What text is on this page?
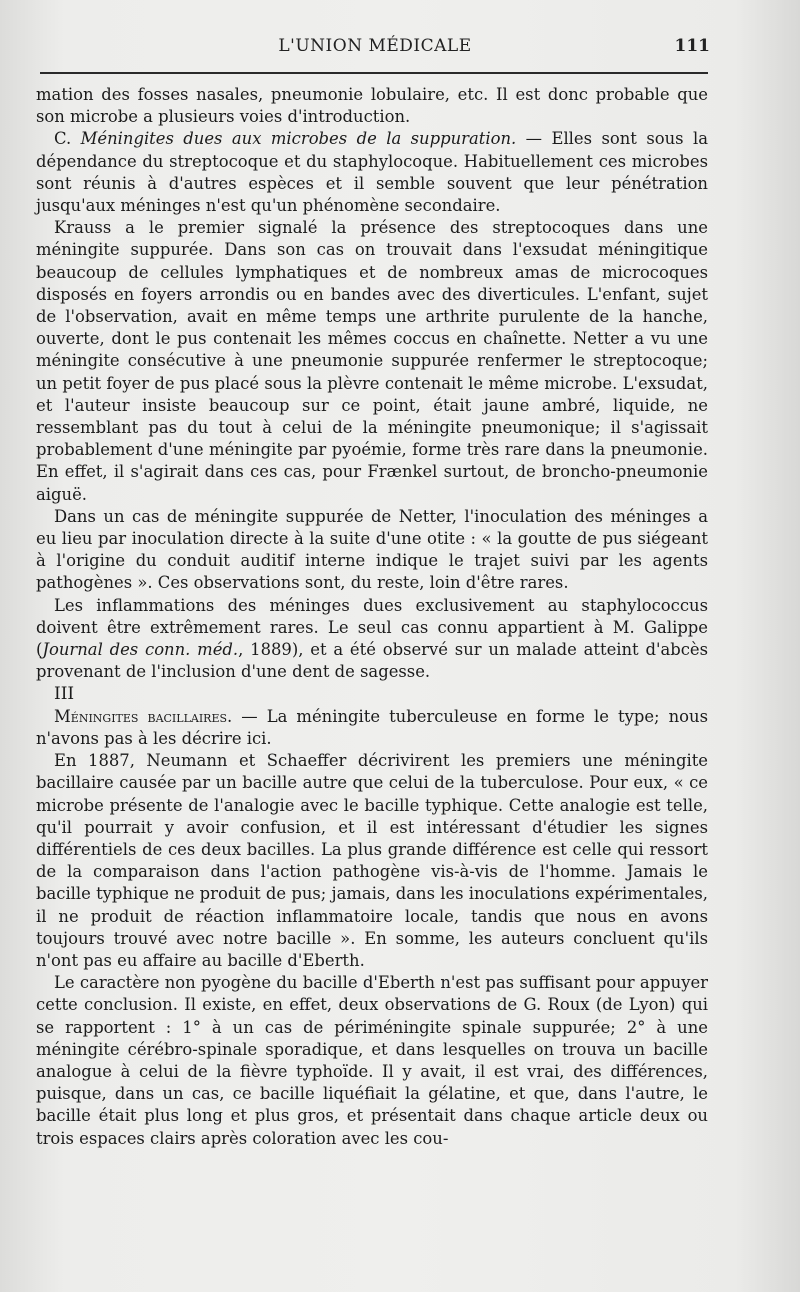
L'UNION MÉDICALE	111

mation des fosses nasales, pneumonie lobulaire, etc. Il est donc probable que son microbe a plusieurs voies d'introduction.

C. Méningites dues aux microbes de la suppuration. — Elles sont sous la dépendance du streptocoque et du staphylocoque. Habituellement ces microbes sont réunis à d'autres espèces et il semble souvent que leur pénétration jusqu'aux méninges n'est qu'un phénomène secondaire.

Krauss a le premier signalé la présence des streptocoques dans une méningite suppurée. Dans son cas on trouvait dans l'exsudat méningitique beaucoup de cellules lymphatiques et de nombreux amas de microcoques disposés en foyers arrondis ou en bandes avec des diverticules. L'enfant, sujet de l'observation, avait en même temps une arthrite purulente de la hanche, ouverte, dont le pus contenait les mêmes coccus en chaînette. Netter a vu une méningite consécutive à une pneumonie suppurée renfermer le streptocoque; un petit foyer de pus placé sous la plèvre contenait le même microbe. L'exsudat, et l'auteur insiste beaucoup sur ce point, était jaune ambré, liquide, ne ressemblant pas du tout à celui de la méningite pneumonique; il s'agissait probablement d'une méningite par pyoémie, forme très rare dans la pneumonie. En effet, il s'agirait dans ces cas, pour Frænkel surtout, de broncho-pneumonie aiguë.

Dans un cas de méningite suppurée de Netter, l'inoculation des méninges a eu lieu par inoculation directe à la suite d'une otite : « la goutte de pus siégeant à l'origine du conduit auditif interne indique le trajet suivi par les agents pathogènes ». Ces observations sont, du reste, loin d'être rares.

Les inflammations des méninges dues exclusivement au staphylococcus doivent être extrêmement rares. Le seul cas connu appartient à M. Galippe (Journal des conn. méd., 1889), et a été observé sur un malade atteint d'abcès provenant de l'inclusion d'une dent de sagesse.

III

Méningites bacillaires. — La méningite tuberculeuse en forme le type; nous n'avons pas à les décrire ici.

En 1887, Neumann et Schaeffer décrivirent les premiers une méningite bacillaire causée par un bacille autre que celui de la tuberculose. Pour eux, « ce microbe présente de l'analogie avec le bacille typhique. Cette analogie est telle, qu'il pourrait y avoir confusion, et il est intéressant d'étudier les signes différentiels de ces deux bacilles. La plus grande différence est celle qui ressort de la comparaison dans l'action pathogène vis-à-vis de l'homme. Jamais le bacille typhique ne produit de pus; jamais, dans les inoculations expérimentales, il ne produit de réaction inflammatoire locale, tandis que nous en avons toujours trouvé avec notre bacille ». En somme, les auteurs concluent qu'ils n'ont pas eu affaire au bacille d'Eberth.

Le caractère non pyogène du bacille d'Eberth n'est pas suffisant pour appuyer cette conclusion. Il existe, en effet, deux observations de G. Roux (de Lyon) qui se rapportent : 1° à un cas de périméningite spinale suppurée; 2° à une méningite cérébro-spinale sporadique, et dans lesquelles on trouva un bacille analogue à celui de la fièvre typhoïde. Il y avait, il est vrai, des différences, puisque, dans un cas, ce bacille liquéfiait la gélatine, et que, dans l'autre, le bacille était plus long et plus gros, et présentait dans chaque article deux ou trois espaces clairs après coloration avec les cou-
